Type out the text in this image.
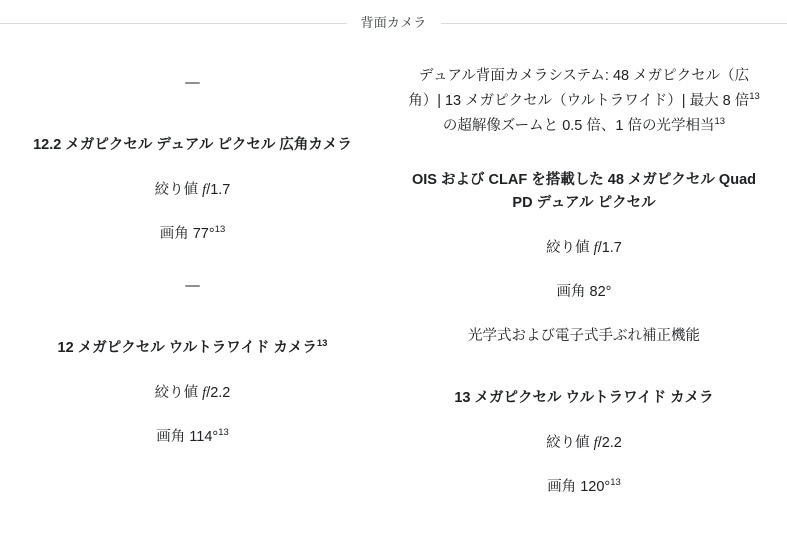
背面カメラ
—
12.2 メガピクセル デュアル ピクセル 広角カメラ
絞り値 f/1.7
画角 77°$^{13}$
—
12 メガピクセル ウルトラワイド カメラ$^{13}$
絞り値 f/2.2
画角 114°$^{13}$
デュアル背面カメラシステム: 48 メガピクセル（広角）| 13 メガピクセル（ウルトラワイド）| 最大 8 倍$^{13}$ の超解像ズームと 0.5 倍、1 倍の光学相当$^{13}$
OIS および CLAF を搭載した 48 メガピクセル Quad PD デュアル ピクセル
絞り値 f/1.7
画角 82°
光学式および電子式手ぶれ補正機能
13 メガピクセル ウルトラワイド カメラ
絞り値 f/2.2
画角 120°$^{13}$
